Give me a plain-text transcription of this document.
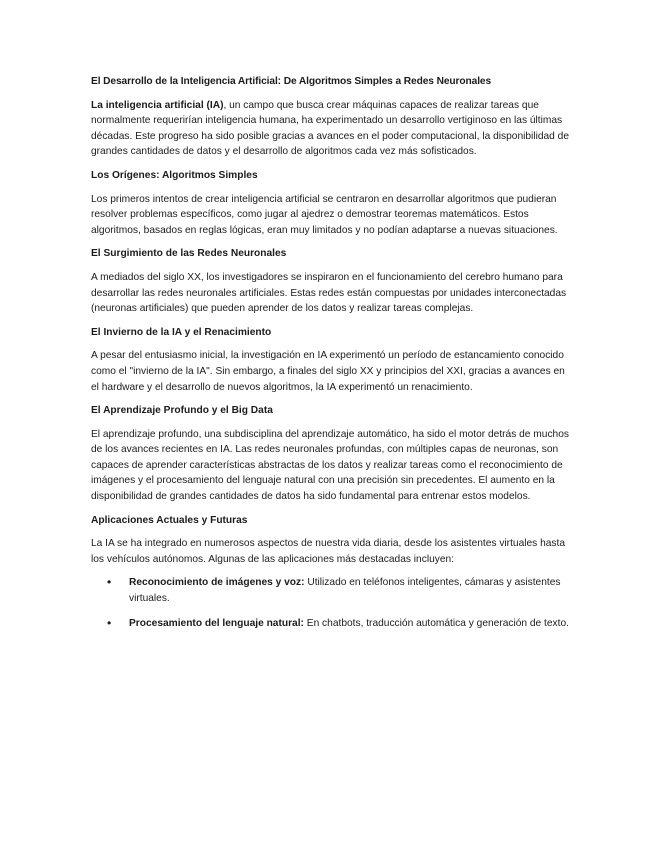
El Desarrollo de la Inteligencia Artificial: De Algoritmos Simples a Redes Neuronales

La inteligencia artificial (IA), un campo que busca crear máquinas capaces de realizar tareas que normalmente requerirían inteligencia humana, ha experimentado un desarrollo vertiginoso en las últimas décadas. Este progreso ha sido posible gracias a avances en el poder computacional, la disponibilidad de grandes cantidades de datos y el desarrollo de algoritmos cada vez más sofisticados.

Los Orígenes: Algoritmos Simples

Los primeros intentos de crear inteligencia artificial se centraron en desarrollar algoritmos que pudieran resolver problemas específicos, como jugar al ajedrez o demostrar teoremas matemáticos. Estos algoritmos, basados en reglas lógicas, eran muy limitados y no podían adaptarse a nuevas situaciones.

El Surgimiento de las Redes Neuronales

A mediados del siglo XX, los investigadores se inspiraron en el funcionamiento del cerebro humano para desarrollar las redes neuronales artificiales. Estas redes están compuestas por unidades interconectadas (neuronas artificiales) que pueden aprender de los datos y realizar tareas complejas.

El Invierno de la IA y el Renacimiento

A pesar del entusiasmo inicial, la investigación en IA experimentó un período de estancamiento conocido como el "invierno de la IA". Sin embargo, a finales del siglo XX y principios del XXI, gracias a avances en el hardware y el desarrollo de nuevos algoritmos, la IA experimentó un renacimiento.

El Aprendizaje Profundo y el Big Data

El aprendizaje profundo, una subdisciplina del aprendizaje automático, ha sido el motor detrás de muchos de los avances recientes en IA. Las redes neuronales profundas, con múltiples capas de neuronas, son capaces de aprender características abstractas de los datos y realizar tareas como el reconocimiento de imágenes y el procesamiento del lenguaje natural con una precisión sin precedentes. El aumento en la disponibilidad de grandes cantidades de datos ha sido fundamental para entrenar estos modelos.

Aplicaciones Actuales y Futuras

La IA se ha integrado en numerosos aspectos de nuestra vida diaria, desde los asistentes virtuales hasta los vehículos autónomos. Algunas de las aplicaciones más destacadas incluyen:

• Reconocimiento de imágenes y voz: Utilizado en teléfonos inteligentes, cámaras y asistentes virtuales.
• Procesamiento del lenguaje natural: En chatbots, traducción automática y generación de texto.
